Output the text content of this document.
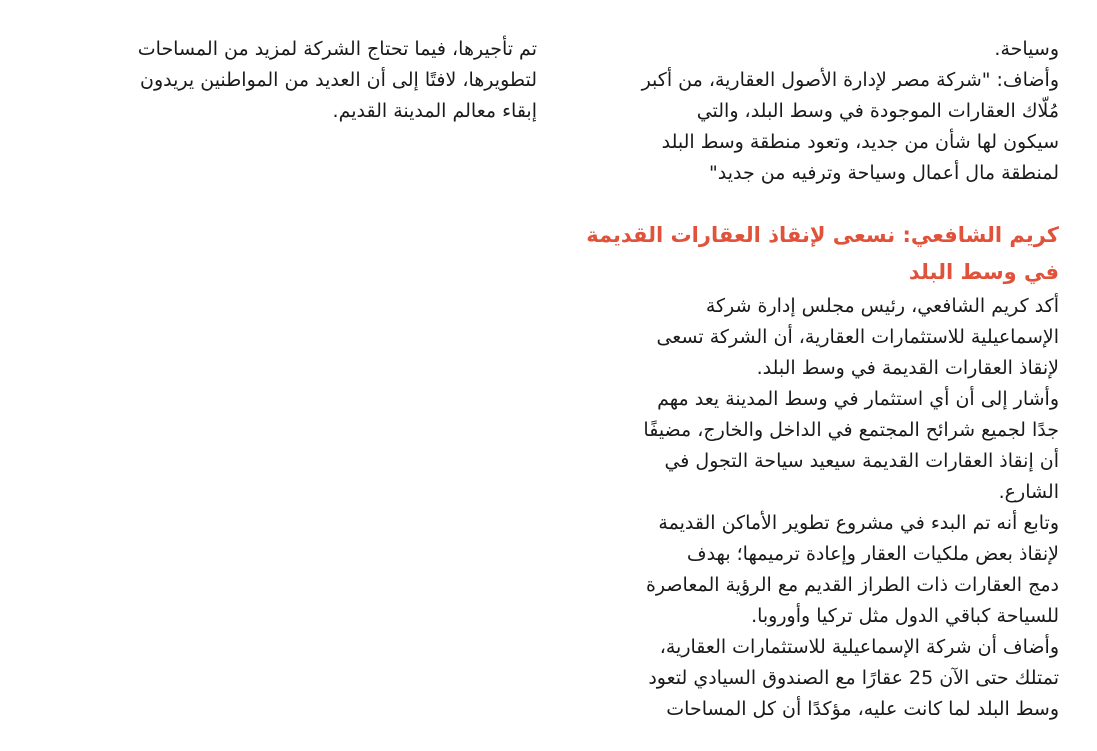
وسياحة.
وأضاف: "شركة مصر لإدارة الأصول العقارية، من أكبر
مُلّاك العقارات الموجودة في وسط البلد، والتي
سيكون لها شأن من جديد، وتعود منطقة وسط البلد
لمنطقة مال أعمال وسياحة وترفيه من جديد"
كريم الشافعي: نسعى لإنقاذ العقارات القديمة
في وسط البلد
أكد كريم الشافعي، رئيس مجلس إدارة شركة
الإسماعيلية للاستثمارات العقارية، أن الشركة تسعى
لإنقاذ العقارات القديمة في وسط البلد.
وأشار إلى أن أي استثمار في وسط المدينة يعد مهم
جدًا لجميع شرائح المجتمع في الداخل والخارج، مضيفًا
أن إنقاذ العقارات القديمة سيعيد سياحة التجول في
الشارع.
وتابع أنه تم البدء في مشروع تطوير الأماكن القديمة
لإنقاذ بعض ملكيات العقار وإعادة ترميمها؛ بهدف
دمج العقارات ذات الطراز القديم مع الرؤية المعاصرة
للسياحة كباقي الدول مثل تركيا وأوروبا.
وأضاف أن شركة الإسماعيلية للاستثمارات العقارية،
تمتلك حتى الآن 25 عقارًا مع الصندوق السيادي لتعود
وسط البلد لما كانت عليه، مؤكدًا أن كل المساحات
تم تأجيرها، فيما تحتاج الشركة لمزيد من المساحات
لتطويرها، لافتًا إلى أن العديد من المواطنين يريدون
إبقاء معالم المدينة القديم.
